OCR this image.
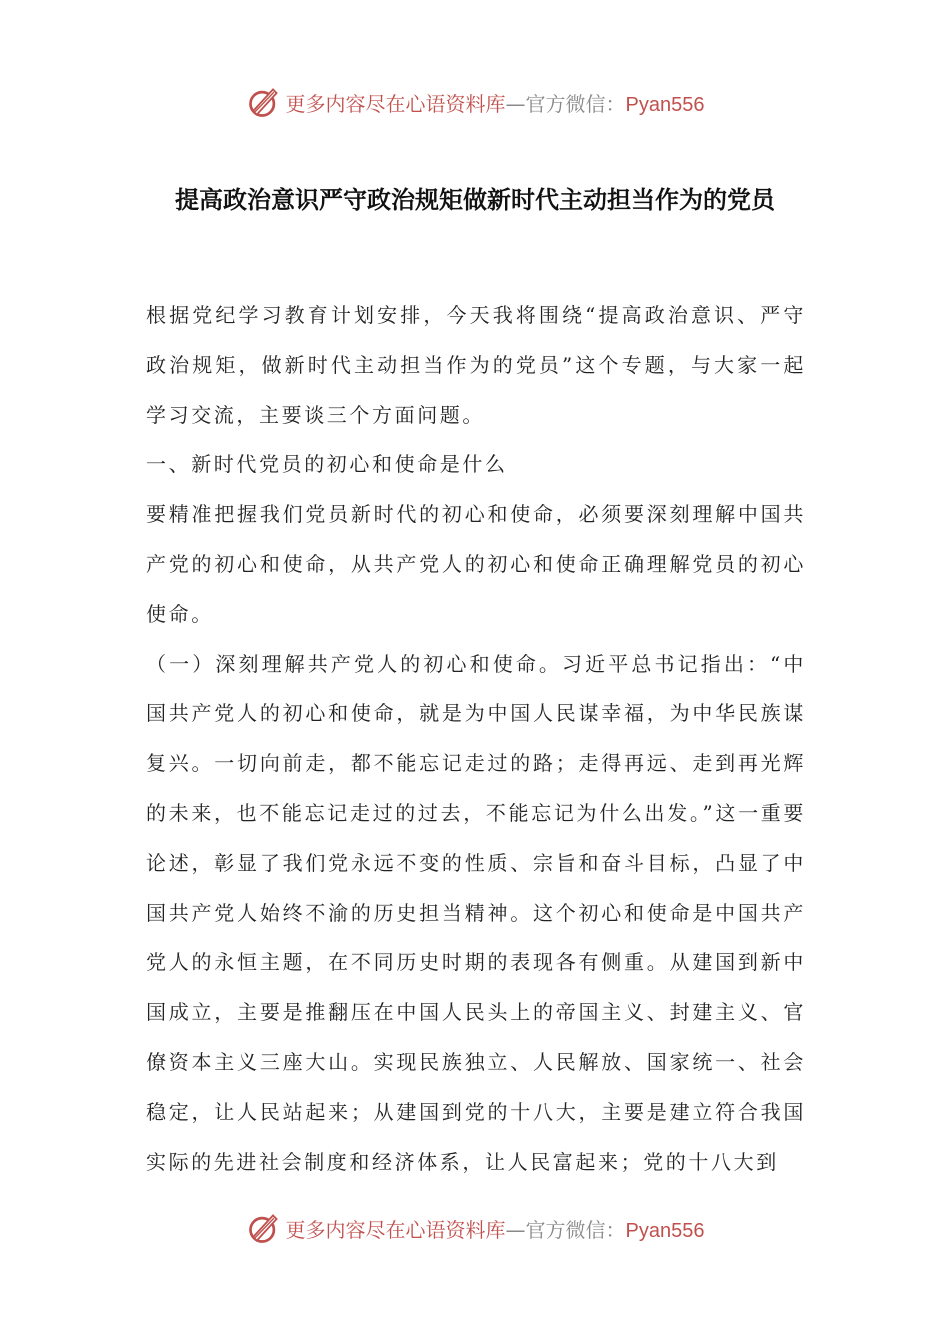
更多内容尽在心语资料库—官方微信：Pyan556
提高政治意识严守政治规矩做新时代主动担当作为的党员

根据党纪学习教育计划安排，今天我将围绕“提高政治意识、严守政治规矩，做新时代主动担当作为的党员”这个专题，与大家一起学习交流，主要谈三个方面问题。

一、新时代党员的初心和使命是什么

要精准把握我们党员新时代的初心和使命，必须要深刻理解中国共产党的初心和使命，从共产党人的初心和使命正确理解党员的初心使命。

（一）深刻理解共产党人的初心和使命。习近平总书记指出：“中国共产党人的初心和使命，就是为中国人民谋幸福，为中华民族谋复兴。一切向前走，都不能忘记走过的路；走得再远、走到再光辉的未来，也不能忘记走过的过去，不能忘记为什么出发。”这一重要论述，彰显了我们党永远不变的性质、宗旨和奋斗目标，凸显了中国共产党人始终不渝的历史担当精神。这个初心和使命是中国共产党人的永恒主题，在不同历史时期的表现各有侧重。从建国到新中国成立，主要是推翻压在中国人民头上的帝国主义、封建主义、官僚资本主义三座大山。实现民族独立、人民解放、国家统一、社会稳定，让人民站起来；从建国到党的十八大，主要是建立符合我国实际的先进社会制度和经济体系，让人民富起来；党的十八大到

更多内容尽在心语资料库—官方微信：Pyan556
